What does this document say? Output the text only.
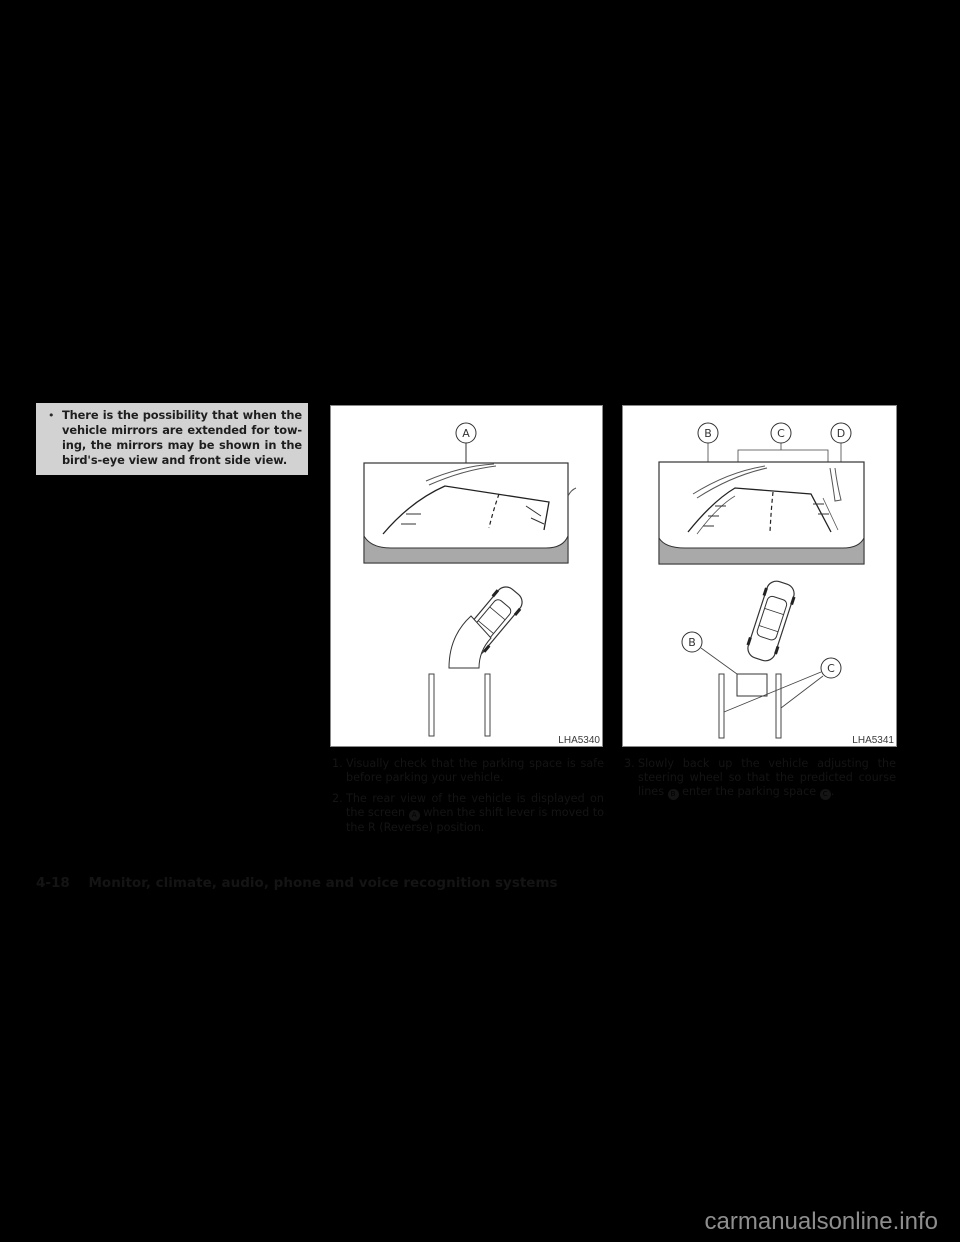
• There is the possibility that when the vehicle mirrors are extended for tow-ing, the mirrors may be shown in the bird's-eye view and front side view.
A
LHA5340
B	C	D
B
C
LHA5341
1. Visually check that the parking space is safe before parking your vehicle.
2. The rear view of the vehicle is displayed on the screen A when the shift lever is moved to the R (Reverse) position.
3. Slowly back up the vehicle adjusting the steering wheel so that the predicted course lines B enter the parking space C .
4-18 Monitor, climate, audio, phone and voice recognition systems
carmanualsonline.info
